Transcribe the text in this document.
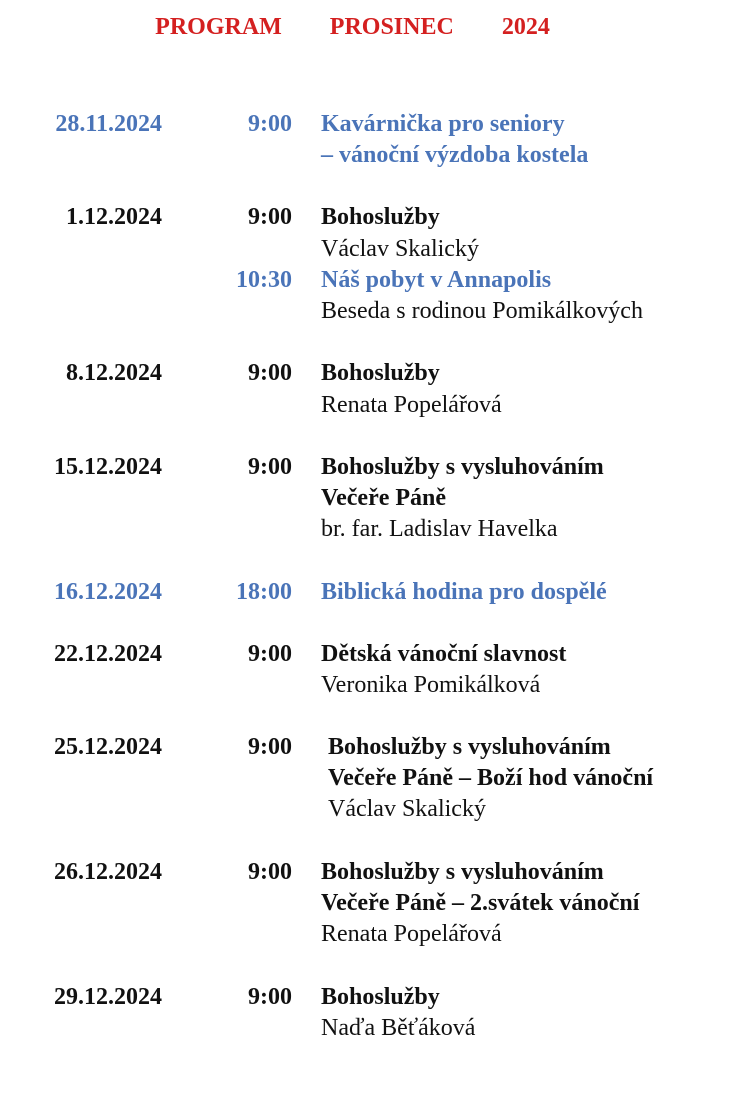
PROGRAM   PROSINEC   2024
28.11.2024	9:00 Kavárnička pro seniory
– vánoční výzdoba kostela
1.12.2024	9:00 Bohoslužby
Václav Skalický
10:30 Náš pobyt v Annapolis
Beseda s rodinou Pomikálkových
8.12.2024	9:00 Bohoslužby
Renata Popelářová
15.12.2024	9:00 Bohoslužby s vysluhováním
Večeře Páně
br. far. Ladislav Havelka
16.12.2024	18:00 Biblická hodina pro dospělé
22.12.2024	9:00 Dětská vánoční slavnost
Veronika Pomikálková
25.12.2024	9:00 Bohoslužby s vysluhováním
Večeře Páně – Boží hod vánoční
Václav Skalický
26.12.2024	9:00 Bohoslužby s vysluhováním
Večeře Páně – 2.svátek vánoční
Renata Popelářová
29.12.2024	9:00 Bohoslužby
Naďa Běťáková
